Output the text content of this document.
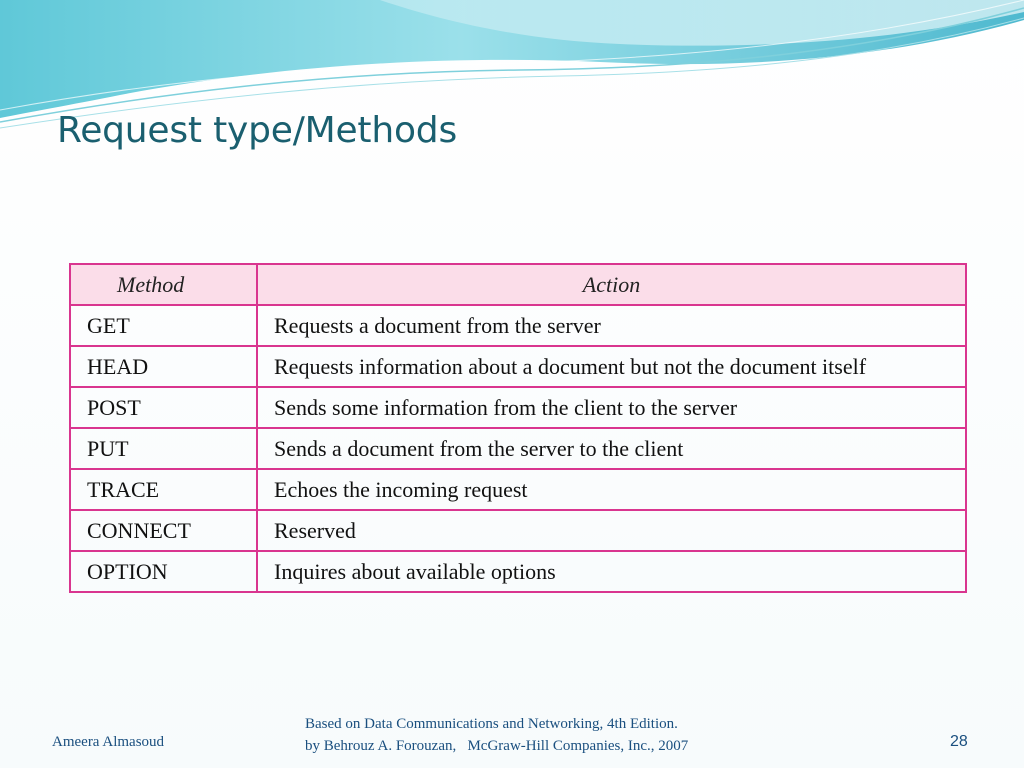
Request type/Methods
Method	Action
GET	Requests a document from the server
HEAD	Requests information about a document but not the document itself
POST	Sends some information from the client to the server
PUT	Sends a document from the server to the client
TRACE	Echoes the incoming request
CONNECT	Reserved
OPTION	Inquires about available options
Ameera Almasoud
Based on Data Communications and Networking, 4th Edition.
by Behrouz A. Forouzan,   McGraw-Hill Companies, Inc., 2007	28
